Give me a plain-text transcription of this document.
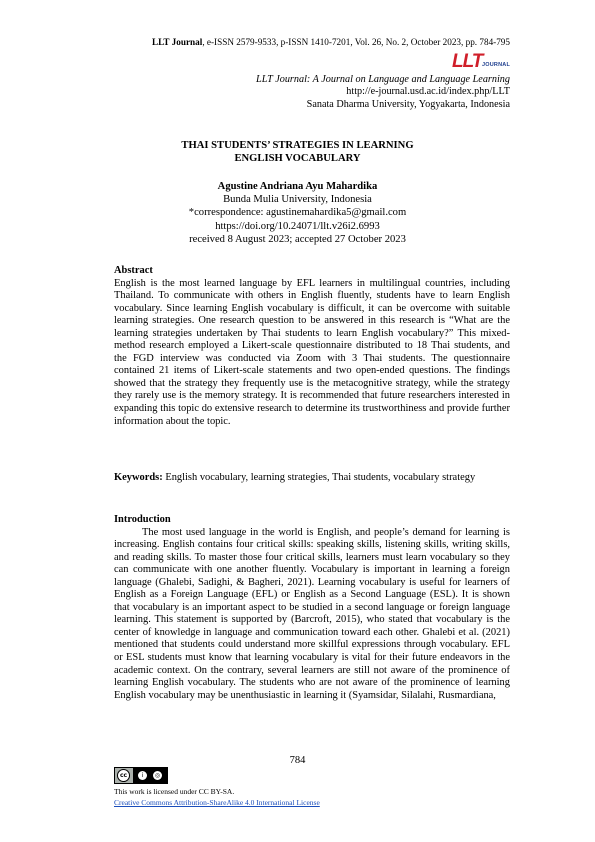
LLT Journal, e-ISSN 2579-9533, p-ISSN 1410-7201, Vol. 26, No. 2, October 2023, pp. 784-795
LLT JOURNAL
LLT Journal: A Journal on Language and Language Learning
http://e-journal.usd.ac.id/index.php/LLT
Sanata Dharma University, Yogyakarta, Indonesia
THAI STUDENTS’ STRATEGIES IN LEARNING
ENGLISH VOCABULARY
Agustine Andriana Ayu Mahardika
Bunda Mulia University, Indonesia
*correspondence: agustinemahardika5@gmail.com
https://doi.org/10.24071/llt.v26i2.6993
received 8 August 2023; accepted 27 October 2023
Abstract
English is the most learned language by EFL learners in multilingual countries, including Thailand. To communicate with others in English fluently, students have to learn English vocabulary. Since learning English vocabulary is difficult, it can be overcome with suitable learning strategies. One research question to be answered in this research is “What are the learning strategies undertaken by Thai students to learn English vocabulary?” This mixed-method research employed a Likert-scale questionnaire distributed to 18 Thai students, and the FGD interview was conducted via Zoom with 3 Thai students. The questionnaire contained 21 items of Likert-scale statements and two open-ended questions. The findings showed that the strategy they frequently use is the metacognitive strategy, while the strategy they rarely use is the memory strategy. It is recommended that future researchers interested in expanding this topic do extensive research to determine its trustworthiness and provide further information about the topic.
Keywords: English vocabulary, learning strategies, Thai students, vocabulary strategy
Introduction

The most used language in the world is English, and people’s demand for learning is increasing. English contains four critical skills: speaking skills, listening skills, writing skills, and reading skills. To master those four critical skills, learners must learn vocabulary so they can communicate with one another fluently. Vocabulary is important in learning a foreign language (Ghalebi, Sadighi, & Bagheri, 2021). Learning vocabulary is useful for learners of English as a Foreign Language (EFL) or English as a Second Language (ESL). It is shown that vocabulary is an important aspect to be studied in a second language or foreign language learning. This statement is supported by (Barcroft, 2015), who stated that vocabulary is the center of knowledge in language and communication toward each other. Ghalebi et al. (2021) mentioned that students could understand more skillful expressions through vocabulary. EFL or ESL students must know that learning vocabulary is vital for their future endeavors in the academic context. On the contrary, several learners are still not aware of the prominence of learning English vocabulary. The students who are not aware of the prominence of learning English vocabulary may be unenthusiastic in learning it (Syamsidar, Silalahi, Rusmardiana,

784
cc	i	◎
This work is licensed under CC BY-SA.
Creative Commons Attribution-ShareAlike 4.0 International License
